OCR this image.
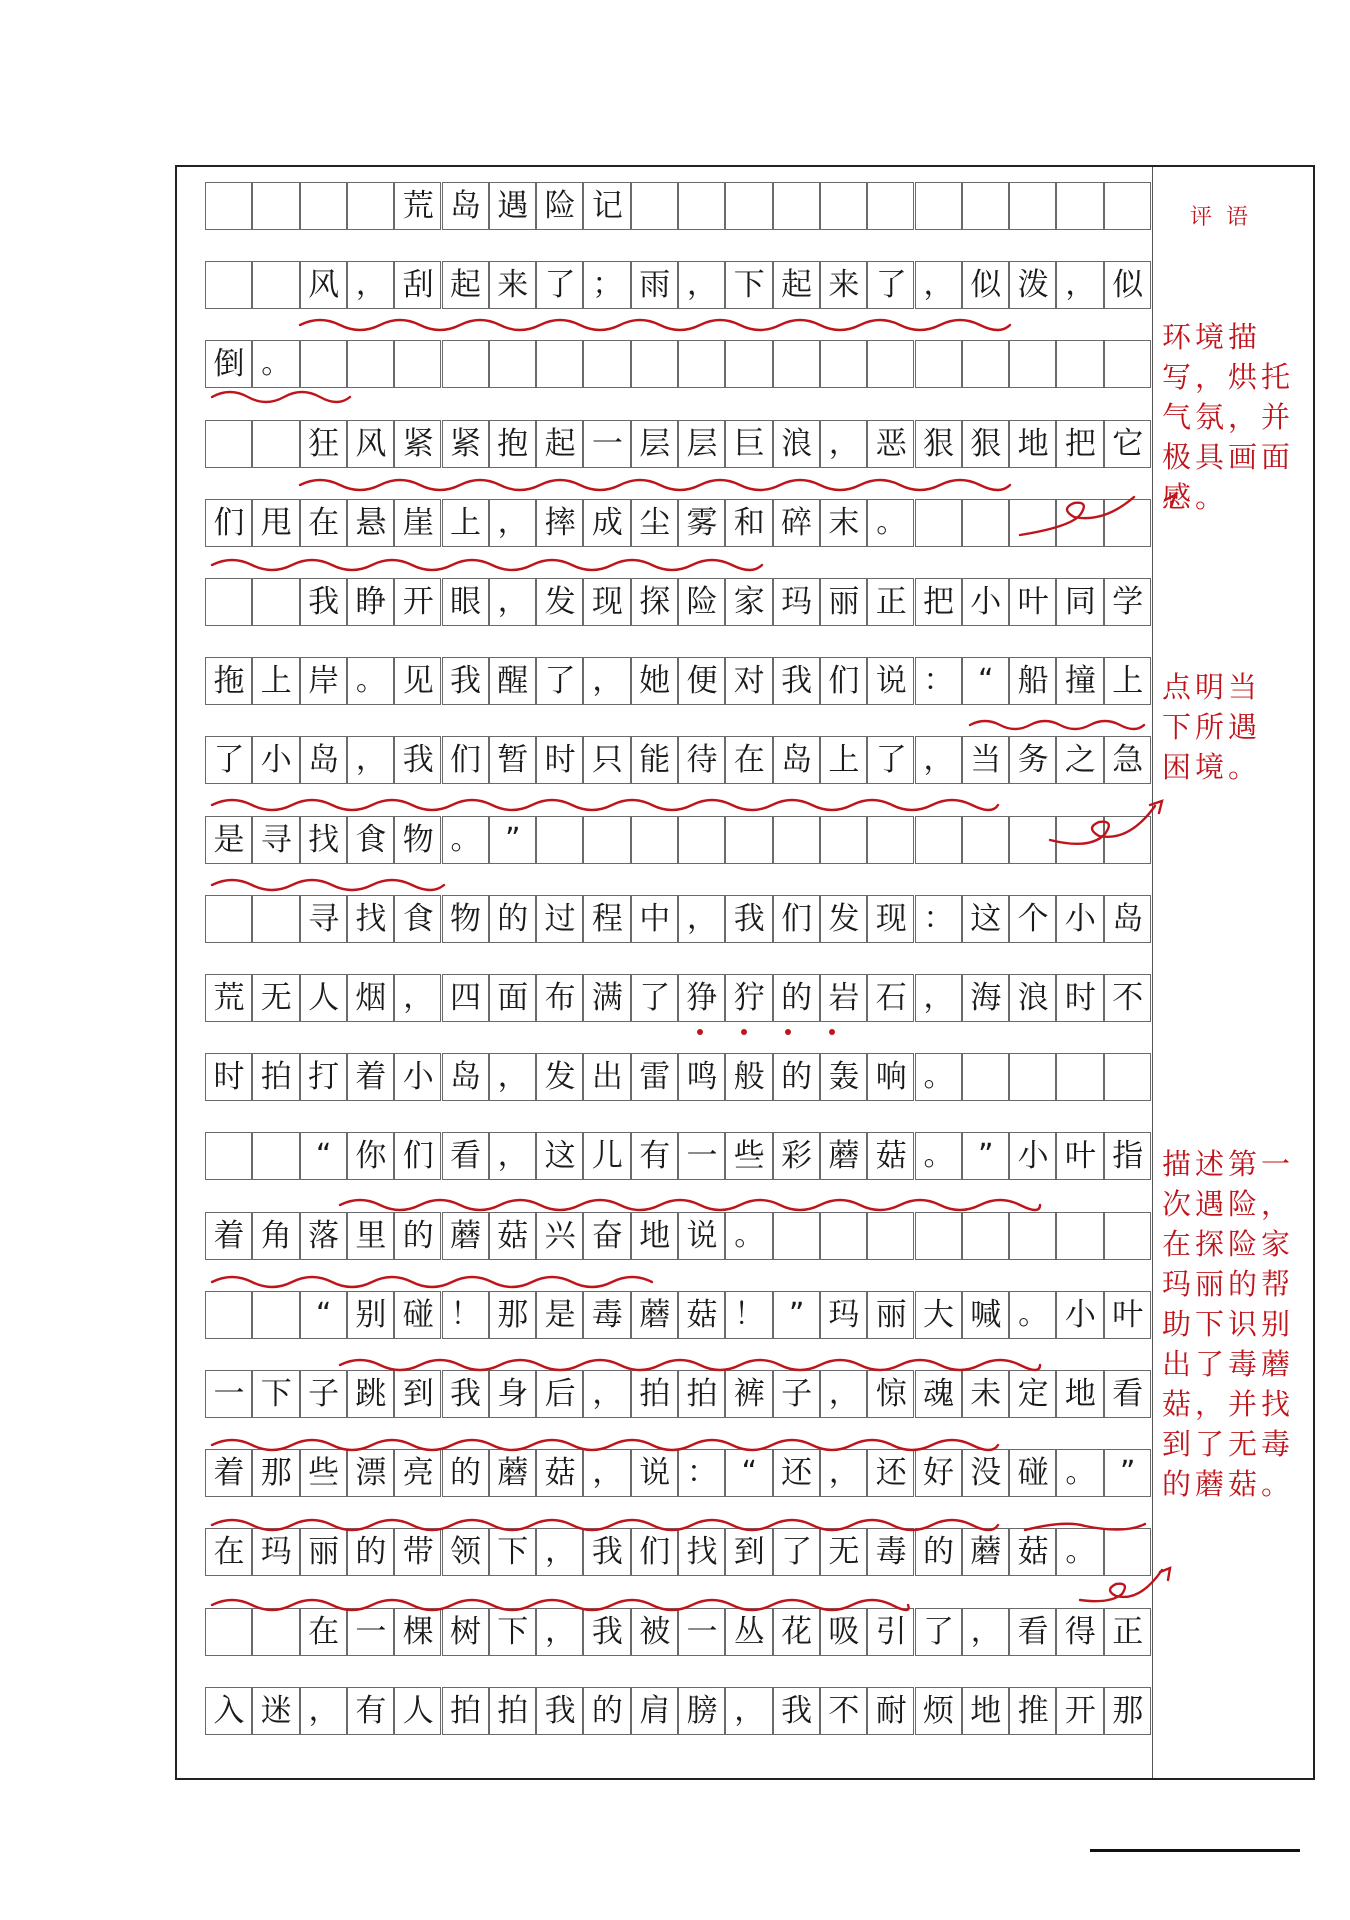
荒 岛 遇 险 记
风 ， 刮 起 来 了 ； 雨 ， 下 起 来 了 ， 似 泼 ， 似
倒 。
狂 风 紧 紧 抱 起 一 层 层 巨 浪 ， 恶 狠 狠 地 把 它
们 甩 在 悬 崖 上 ， 摔 成 尘 雾 和 碎 末 。
我 睁 开 眼 ， 发 现 探 险 家 玛 丽 正 把 小 叶 同 学
拖 上 岸 。 见 我 醒 了 ， 她 便 对 我 们 说 ： “ 船 撞 上
了 小 岛 ， 我 们 暂 时 只 能 待 在 岛 上 了 ， 当 务 之 急
是 寻 找 食 物 。 ”
寻 找 食 物 的 过 程 中 ， 我 们 发 现 ： 这 个 小 岛
荒 无 人 烟 ， 四 面 布 满 了 狰 狞 的 岩 石 ， 海 浪 时 不
时 拍 打 着 小 岛 ， 发 出 雷 鸣 般 的 轰 响 。
“ 你 们 看 ， 这 儿 有 一 些 彩 蘑 菇 。 ” 小 叶 指
着 角 落 里 的 蘑 菇 兴 奋 地 说 。
“ 别 碰 ！ 那 是 毒 蘑 菇 ！ ” 玛 丽 大 喊 。 小 叶
一 下 子 跳 到 我 身 后 ， 拍 拍 裤 子 ， 惊 魂 未 定 地 看
着 那 些 漂 亮 的 蘑 菇 ， 说 ： “ 还 ， 还 好 没 碰 。 ”
在 玛 丽 的 带 领 下 ， 我 们 找 到 了 无 毒 的 蘑 菇 。
在 一 棵 树 下 ， 我 被 一 丛 花 吸 引 了 ， 看 得 正
入 迷 ， 有 人 拍 拍 我 的 肩 膀 ， 我 不 耐 烦 地 推 开 那
评语
环境描
写，烘托
气氛，并
极具画面
感。
点明当
下所遇
困境。
描述第一
次遇险，
在探险家
玛丽的帮
助下识别
出了毒蘑
菇，并找
到了无毒
的蘑菇。
